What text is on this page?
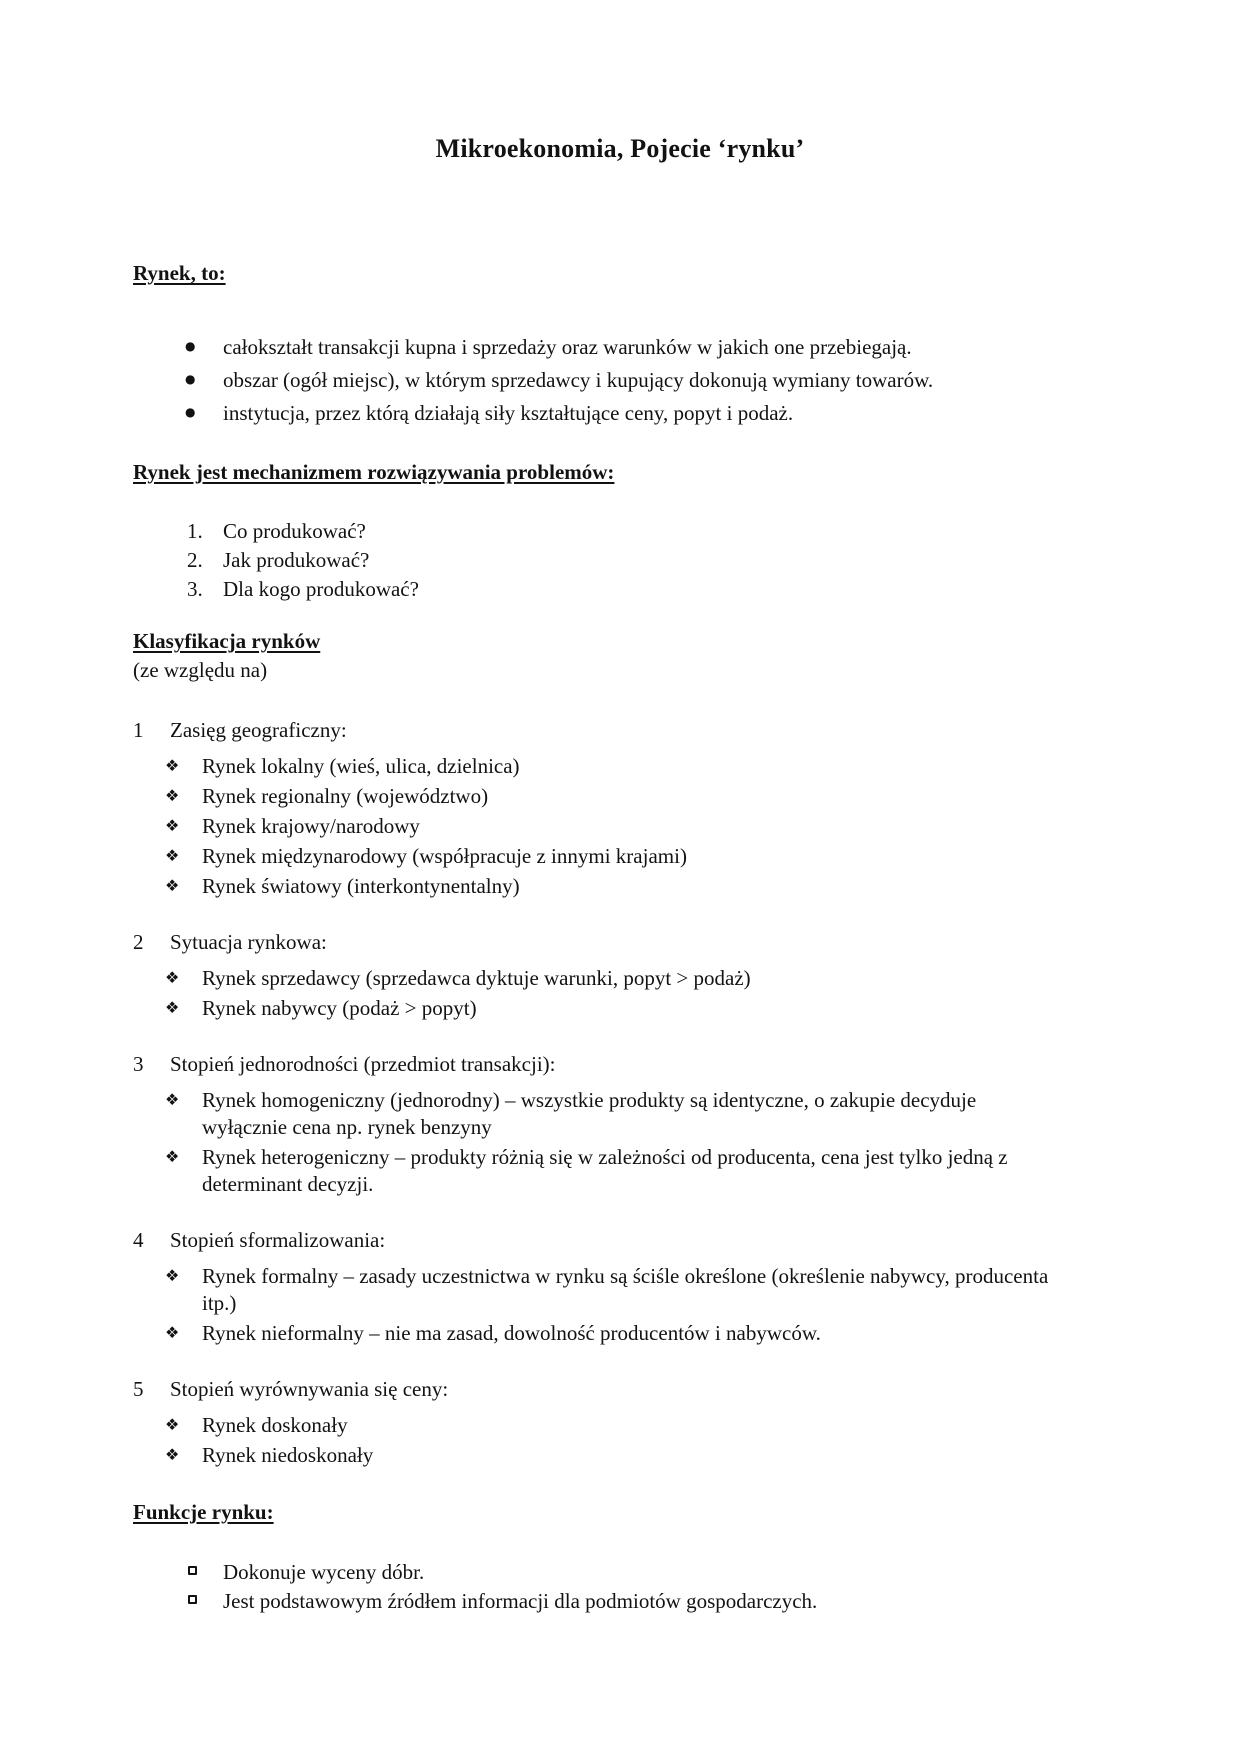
Mikroekonomia, Pojecie ‘rynku’
Rynek, to:
● całokształt transakcji kupna i sprzedaży oraz warunków w jakich one przebiegają.
● obszar (ogół miejsc), w którym sprzedawcy i kupujący dokonują wymiany towarów.
● instytucja, przez którą działają siły kształtujące ceny, popyt i podaż.
Rynek jest mechanizmem rozwiązywania problemów:
1. Co produkować?
2. Jak produkować?
3. Dla kogo produkować?
Klasyfikacja rynków
(ze względu na)
1 Zasięg geograficzny:
❖ Rynek lokalny (wieś, ulica, dzielnica)
❖ Rynek regionalny (województwo)
❖ Rynek krajowy/narodowy
❖ Rynek międzynarodowy (współpracuje z innymi krajami)
❖ Rynek światowy (interkontynentalny)
2 Sytuacja rynkowa:
❖ Rynek sprzedawcy (sprzedawca dyktuje warunki, popyt > podaż)
❖ Rynek nabywcy (podaż > popyt)
3 Stopień jednorodności (przedmiot transakcji):
❖ Rynek homogeniczny (jednorodny) – wszystkie produkty są identyczne, o zakupie decyduje wyłącznie cena np. rynek benzyny
❖ Rynek heterogeniczny – produkty różnią się w zależności od producenta, cena jest tylko jedną z determinant decyzji.
4 Stopień sformalizowania:
❖ Rynek formalny – zasady uczestnictwa w rynku są ściśle określone (określenie nabywcy, producenta itp.)
❖ Rynek nieformalny – nie ma zasad, dowolność producentów i nabywców.
5 Stopień wyrównywania się ceny:
❖ Rynek doskonały
❖ Rynek niedoskonały
Funkcje rynku:
Dokonuje wyceny dóbr.
Jest podstawowym źródłem informacji dla podmiotów gospodarczych.
